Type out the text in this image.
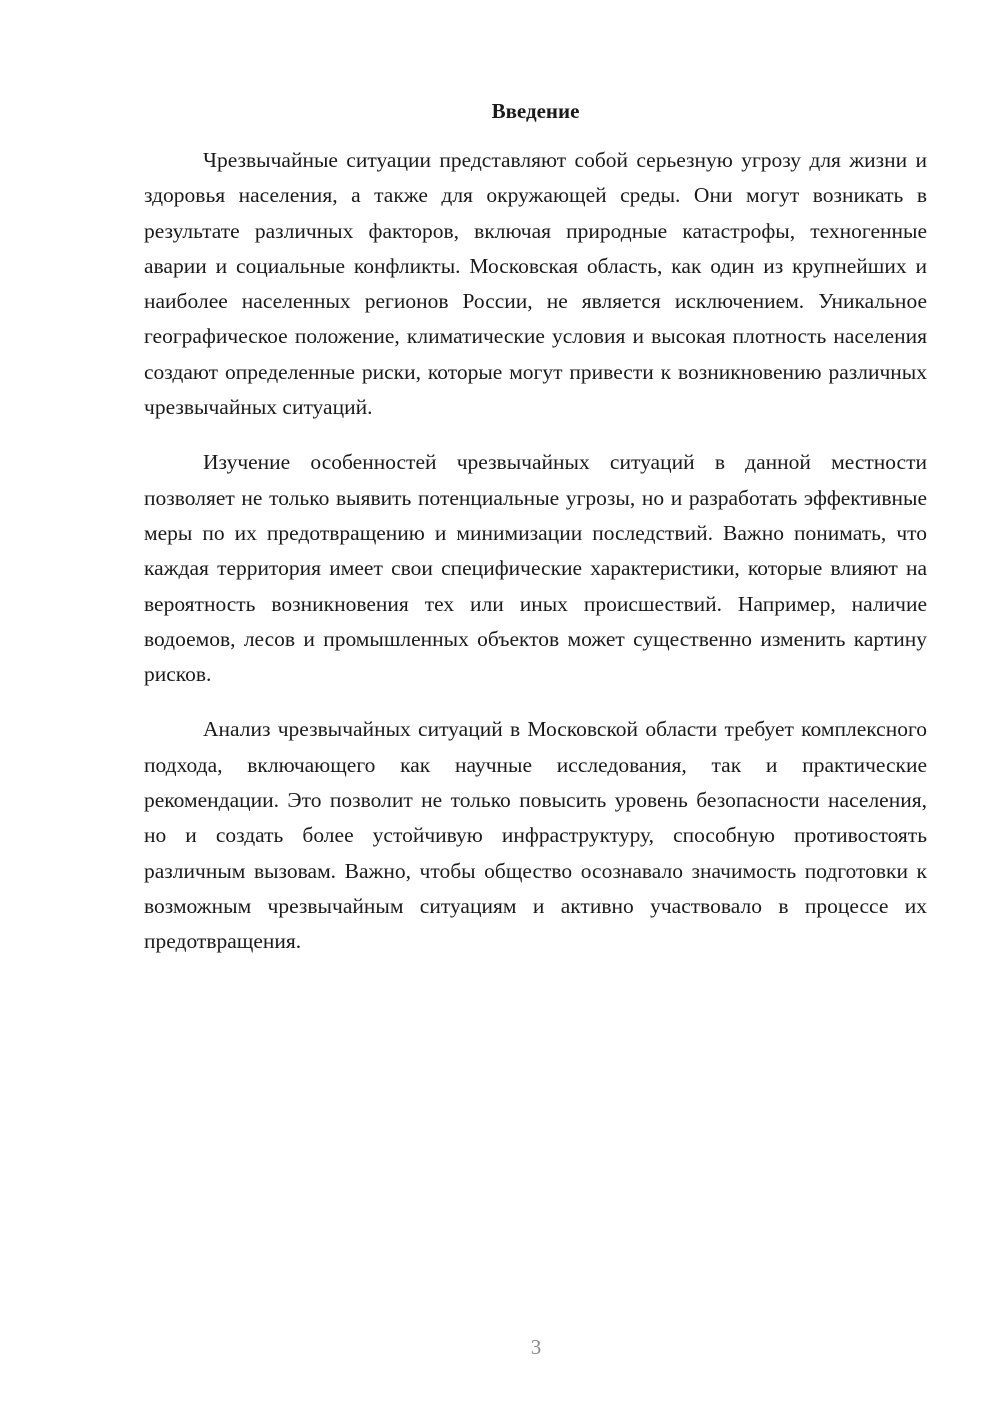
Введение

Чрезвычайные ситуации представляют собой серьезную угрозу для жизни и здоровья населения, а также для окружающей среды. Они могут возникать в результате различных факторов, включая природные катастрофы, техногенные аварии и социальные конфликты. Московская область, как один из крупнейших и наиболее населенных регионов России, не является исключением. Уникальное географическое положение, климатические условия и высокая плотность населения создают определенные риски, которые могут привести к возникновению различных чрезвычайных ситуаций.

Изучение особенностей чрезвычайных ситуаций в данной местности позволяет не только выявить потенциальные угрозы, но и разработать эффективные меры по их предотвращению и минимизации последствий. Важно понимать, что каждая территория имеет свои специфические характеристики, которые влияют на вероятность возникновения тех или иных происшествий. Например, наличие водоемов, лесов и промышленных объектов может существенно изменить картину рисков.

Анализ чрезвычайных ситуаций в Московской области требует комплексного подхода, включающего как научные исследования, так и практические рекомендации. Это позволит не только повысить уровень безопасности населения, но и создать более устойчивую инфраструктуру, способную противостоять различным вызовам. Важно, чтобы общество осознавало значимость подготовки к возможным чрезвычайным ситуациям и активно участвовало в процессе их предотвращения.

3
